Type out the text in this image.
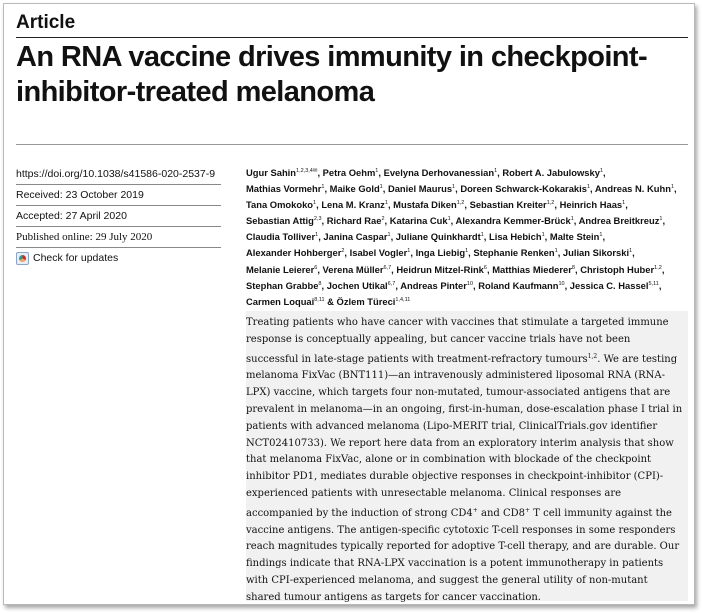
Article
An RNA vaccine drives immunity in checkpoint-inhibitor-treated melanoma
https://doi.org/10.1038/s41586-020-2537-9
Received: 23 October 2019
Accepted: 27 April 2020
Published online: 29 July 2020
Check for updates

Ugur Sahin$^{1,2,3,4✉}$, Petra Oehm$^1$, Evelyna Derhovanessian$^1$, Robert A. Jabulowsky$^1$, Mathias Vormehr$^1$, Maike Gold$^1$, Daniel Maurus$^1$, Doreen Schwarck-Kokarakis$^1$, Andreas N. Kuhn$^1$, Tana Omokoko$^1$, Lena M. Kranz$^1$, Mustafa Diken$^{1,2}$, Sebastian Kreiter$^{1,2}$, Heinrich Haas$^1$, Sebastian Attig$^{2,3}$, Richard Rae$^2$, Katarina Cuk$^1$, Alexandra Kemmer-Brück$^1$, Andrea Breitkreuz$^1$, Claudia Tolliver$^1$, Janina Caspar$^1$, Juliane Quinkhardt$^1$, Lisa Hebich$^1$, Malte Stein$^1$, Alexander Hohberger$^2$, Isabel Vogler$^1$, Inga Liebig$^1$, Stephanie Renken$^1$, Julian Sikorski$^1$, Melanie Leierer$^6$, Verena Müller$^{6,7}$, Heidrun Mitzel-Rink$^6$, Matthias Miederer$^8$, Christoph Huber$^{1,2}$, Stephan Grabbe$^8$, Jochen Utikal$^{6,7}$, Andreas Pinter$^{10}$, Roland Kaufmann$^{10}$, Jessica C. Hassel$^{5,11}$, Carmen Loquai$^{8,11}$ & Özlem Türeci$^{1,4,11}$

Treating patients who have cancer with vaccines that stimulate a targeted immune response is conceptually appealing, but cancer vaccine trials have not been successful in late-stage patients with treatment-refractory tumours$^{1,2}$. We are testing melanoma FixVac (BNT111)—an intravenously administered liposomal RNA (RNA-LPX) vaccine, which targets four non-mutated, tumour-associated antigens that are prevalent in melanoma—in an ongoing, first-in-human, dose-escalation phase I trial in patients with advanced melanoma (Lipo-MERIT trial, ClinicalTrials.gov identifier NCT02410733). We report here data from an exploratory interim analysis that show that melanoma FixVac, alone or in combination with blockade of the checkpoint inhibitor PD1, mediates durable objective responses in checkpoint-inhibitor (CPI)-experienced patients with unresectable melanoma. Clinical responses are accompanied by the induction of strong CD4+ and CD8+ T cell immunity against the vaccine antigens. The antigen-specific cytotoxic T-cell responses in some responders reach magnitudes typically reported for adoptive T-cell therapy, and are durable. Our findings indicate that RNA-LPX vaccination is a potent immunotherapy in patients with CPI-experienced melanoma, and suggest the general utility of non-mutant shared tumour antigens as targets for cancer vaccination.
